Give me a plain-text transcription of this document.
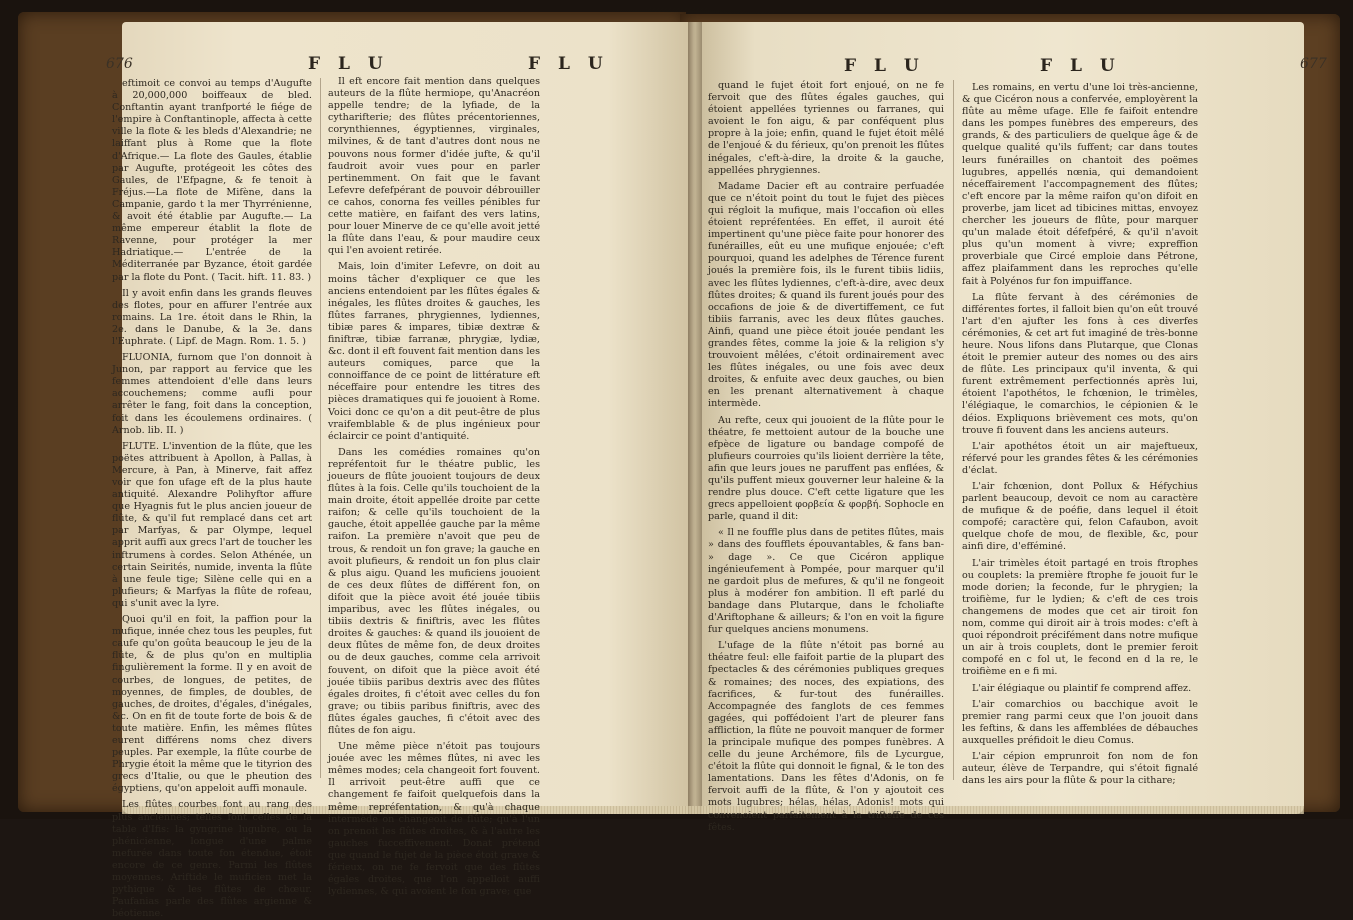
676	F L U	F L U	F L U	F L U	677

eftimoit ce convoi au temps d'Augufte à 20,000,000 boiffeaux de bled. Conftantin ayant tranfporté le fiége de l'empire à Conftantinople, affecta à cette ville la flote & les bleds d'Alexandrie; ne laiffant plus à Rome que la flote d'Afrique.— La flote des Gaules, établie par Augufte, protégeoit les côtes des Gaules, de l'Efpagne, & fe tenoit à Fréjus.—La flote de Mifène, dans la Campanie, gardo t la mer Thyrrénienne, & avoit été établie par Augufte.— La même empereur établit la flote de Ravenne, pour protéger la mer Hadriatique.— L'entrée de la Méditerranée par Byzance, étoit gardée par la flote du Pont. ( Tacit. hift. 11. 83. )

Il y avoit enfin dans les grands fleuves des flotes, pour en affurer l'entrée aux romains. La 1re. étoit dans le Rhin, la 2e. dans le Danube, & la 3e. dans l'Euphrate. ( Lipf. de Magn. Rom. 1. 5. )

FLUONIA, furnom que l'on donnoit à Junon, par rapport au fervice que les femmes attendoient d'elle dans leurs accouchemens; comme aufli pour arrêter le fang, foit dans la conception, foit dans les écoulemens ordinaires. ( Arnob. lib. II. )

FLUTE. L'invention de la flûte, que les poëtes attribuent à Apollon, à Pallas, à Mercure, à Pan, à Minerve, fait affez voir que fon ufage eft de la plus haute antiquité. Alexandre Polihyftor affure que Hyagnis fut le plus ancien joueur de flûte, & qu'il fut remplacé dans cet art par Marfyas, & par Olympe, lequel apprit auffi aux grecs l'art de toucher les inftrumens à cordes. Selon Athénée, un certain Seirités, numide, inventa la flûte à une feule tige; Silène celle qui en a plufieurs; & Marfyas la flûte de rofeau, qui s'unit avec la lyre.

Quoi qu'il en foit, la paffion pour la mufique, innée chez tous les peuples, fut caufe qu'on goûta beaucoup le jeu de la flûte, & de plus qu'on en multiplia fingulièrement la forme. Il y en avoit de courbes, de longues, de petites, de moyennes, de fimples, de doubles, de gauches, de droites, d'égales, d'inégales, &c. On en fit de toute forte de bois & de toute matière. Enfin, les mêmes flûtes eurent différens noms chez divers peuples. Par exemple, la flûte courbe de Phrygie étoit la même que le tityrion des grecs d'Italie, ou que le pheution des égyptiens, qu'on appeloit auffi monaule.

Les flûtes courbes font au rang des plus anciennes; telles font celles de la table d'Ifis: la gyngrine lugubre, ou la phénicienne, longue d'une palme mefurée dans toute fon étendue, étoit encore de ce genre. Parmi les flûtes moyennes, Ariftide le muficien met la pythique & les flûtes de chœur. Paufanias parle des flûtes argienne & béotienne.

Il eft encore fait mention dans quelques auteurs de la flûte hermiope, qu'Anacréon appelle tendre; de la lyfiade, de la cytharifterie; des flûtes précentoriennes, corynthiennes, égyptiennes, virginales, milvines, & de tant d'autres dont nous ne pouvons nous former d'idée jufte, & qu'il faudroit avoir vues pour en parler pertinemment. On fait que le favant Lefevre defefpérant de pouvoir débrouiller ce cahos, conorna fes veilles pénibles fur cette matière, en faifant des vers latins, pour louer Minerve de ce qu'elle avoit jetté la flûte dans l'eau, & pour maudire ceux qui l'en avoient retirée.

Mais, loin d'imiter Lefevre, on doit au moins tâcher d'expliquer ce que les anciens entendoient par les flûtes égales & inégales, les flûtes droites & gauches, les flûtes farranes, phrygiennes, lydiennes, tibiæ pares & impares, tibiæ dextræ & finiftræ, tibiæ farranæ, phrygiæ, lydiæ, &c. dont il eft fouvent fait mention dans les auteurs comiques, parce que la connoiffance de ce point de littérature eft néceffaire pour entendre les titres des pièces dramatiques qui fe jouoient à Rome. Voici donc ce qu'on a dit peut-être de plus vraifemblable & de plus ingénieux pour éclaircir ce point d'antiquité.

Dans les comédies romaines qu'on repréfentoit fur le théatre public, les joueurs de flûte jouoient toujours de deux flûtes à la fois. Celle qu'ils touchoient de la main droite, étoit appellée droite par cette raifon; & celle qu'ils touchoient de la gauche, étoit appellée gauche par la même raifon. La première n'avoit que peu de trous, & rendoit un fon grave; la gauche en avoit plufieurs, & rendoit un fon plus clair & plus aigu. Quand les muficiens jouoient de ces deux flûtes de différent fon, on difoit que la pièce avoit été jouée tibiis imparibus, avec les flûtes inégales, ou tibiis dextris & finiftris, avec les flûtes droites & gauches: & quand ils jouoient de deux flûtes de même fon, de deux droites ou de deux gauches, comme cela arrivoit fouvent, on difoit que la pièce avoit été jouée tibiis paribus dextris avec des flûtes égales droites, fi c'étoit avec celles du fon grave; ou tibiis paribus finiftris, avec des flûtes égales gauches, fi c'étoit avec des flûtes de fon aigu.

Une même pièce n'étoit pas toujours jouée avec les mêmes flûtes, ni avec les mêmes modes; cela changeoit fort fouvent. Il arrivoit peut-être auffi que ce changement fe faifoit quelquefois dans la même repréfentation, & qu'à chaque intermède on changeoit de flûte; qu'à l'un on prenoit les flûtes droites, & à l'autre les gauches fucceffivement. Donat prétend que quand le fujet de la pièce étoit grave & férieux, on ne fe fervoit que des flûtes égales droites, que l'on appelloit auffi lydiennes, & qui avoient le fon grave; que

quand le fujet étoit fort enjoué, on ne fe fervoit que des flûtes égales gauches, qui étoient appellées tyriennes ou farranes, qui avoient le fon aigu, & par conféquent plus propre à la joie; enfin, quand le fujet étoit mêlé de l'enjoué & du férieux, qu'on prenoit les flûtes inégales, c'eft-à-dire, la droite & la gauche, appellées phrygiennes.

Madame Dacier eft au contraire perfuadée que ce n'étoit point du tout le fujet des pièces qui régloit la mufique, mais l'occafion où elles étoient repréfentées. En effet, il auroit été impertinent qu'une pièce faite pour honorer des funérailles, eût eu une mufique enjouée; c'eft pourquoi, quand les adelphes de Térence furent joués la première fois, ils le furent tibiis lidiis, avec les flûtes lydiennes, c'eft-à-dire, avec deux flûtes droites; & quand ils furent joués pour des occafions de joie & de divertiffement, ce fut tibiis farranis, avec les deux flûtes gauches. Ainfi, quand une pièce étoit jouée pendant les grandes fêtes, comme la joie & la religion s'y trouvoient mêlées, c'étoit ordinairement avec les flûtes inégales, ou une fois avec deux droites, & enfuite avec deux gauches, ou bien en les prenant alternativement à chaque intermède.

Au refte, ceux qui jouoient de la flûte pour le théatre, fe mettoient autour de la bouche une efpèce de ligature ou bandage compofé de plufieurs courroies qu'ils lioient derrière la tête, afin que leurs joues ne paruffent pas enflées, & qu'ils puffent mieux gouverner leur haleine & la rendre plus douce. C'eft cette ligature que les grecs appelloient φορβεία & φορβή. Sophocle en parle, quand il dit:

« Il ne fouffle plus dans de petites flûtes, mais » dans des foufflets épouvantables, & fans ban- » dage ». Ce que Cicéron applique ingénieufement à Pompée, pour marquer qu'il ne gardoit plus de mefures, & qu'il ne fongeoit plus à modérer fon ambition. Il eft parlé du bandage dans Plutarque, dans le fcholiafte d'Ariftophane & ailleurs; & l'on en voit la figure fur quelques anciens monumens.

L'ufage de la flûte n'étoit pas borné au théatre feul: elle faifoit partie de la plupart des fpectacles & des cérémonies publiques greques & romaines; des noces, des expiations, des facrifices, & fur-tout des funérailles. Accompagnée des fanglots de ces femmes gagées, qui poffédoient l'art de pleurer fans affliction, la flûte ne pouvoit manquer de former la principale mufique des pompes funèbres. A celle du jeune Archémore, fils de Lycurgue, c'étoit la flûte qui donnoit le fignal, & le ton des lamentations. Dans les fêtes d'Adonis, on fe fervoit auffi de la flûte, & l'on y ajoutoit ces mots lugubres; hélas, hélas, Adonis! mots qui convenoient parfaitement à la trifteffe de ces fêtes.

Les romains, en vertu d'une loi très-ancienne, & que Cicéron nous a confervée, employèrent la flûte au même ufage. Elle fe faifoit entendre dans les pompes funèbres des empereurs, des grands, & des particuliers de quelque âge & de quelque qualité qu'ils fuffent; car dans toutes leurs funérailles on chantoit des poëmes lugubres, appellés nœnia, qui demandoient néceffairement l'accompagnement des flûtes; c'eft encore par la même raifon qu'on difoit en proverbe, jam licet ad tibicines mittas, envoyez chercher les joueurs de flûte, pour marquer qu'un malade étoit défefpéré, & qu'il n'avoit plus qu'un moment à vivre; expreffion proverbiale que Circé emploie dans Pétrone, affez plaifamment dans les reproches qu'elle fait à Polyénos fur fon impuiffance.

La flûte fervant à des cérémonies de différentes fortes, il falloit bien qu'on eût trouvé l'art d'en ajufter les fons à ces diverfes cérémonies, & cet art fut imaginé de très-bonne heure. Nous lifons dans Plutarque, que Clonas étoit le premier auteur des nomes ou des airs de flûte. Les principaux qu'il inventa, & qui furent extrêmement perfectionnés après lui, étoient l'apothétos, le fchœnion, le trimèles, l'élégiaque, le comarchios, le cépionien & le déios. Expliquons brièvement ces mots, qu'on trouve fi fouvent dans les anciens auteurs.

L'air apothétos étoit un air majeftueux, réfervé pour les grandes fêtes & les cérémonies d'éclat.

L'air fchœnion, dont Pollux & Héfychius parlent beaucoup, devoit ce nom au caractère de mufique & de poéfie, dans lequel il étoit compofé; caractère qui, felon Cafaubon, avoit quelque chofe de mou, de flexible, &c, pour ainfi dire, d'efféminé.

L'air trimèles étoit partagé en trois ftrophes ou couplets: la première ftrophe fe jouoit fur le mode dorien; la feconde, fur le phrygien; la troifième, fur le lydien; & c'eft de ces trois changemens de modes que cet air tiroit fon nom, comme qui diroit air à trois modes: c'eft à quoi répondroit précifément dans notre mufique un air à trois couplets, dont le premier feroit compofé en c fol ut, le fecond en d la re, le troifième en e fi mi.

L'air élégiaque ou plaintif fe comprend affez.

L'air comarchios ou bacchique avoit le premier rang parmi ceux que l'on jouoit dans les feftins, & dans les affemblées de débauches auxquelles préfidoit le dieu Comus.

L'air cépion emprunroit fon nom de fon auteur, élève de Terpandre, qui s'étoit fignalé dans les airs pour la flûte & pour la cithare;
